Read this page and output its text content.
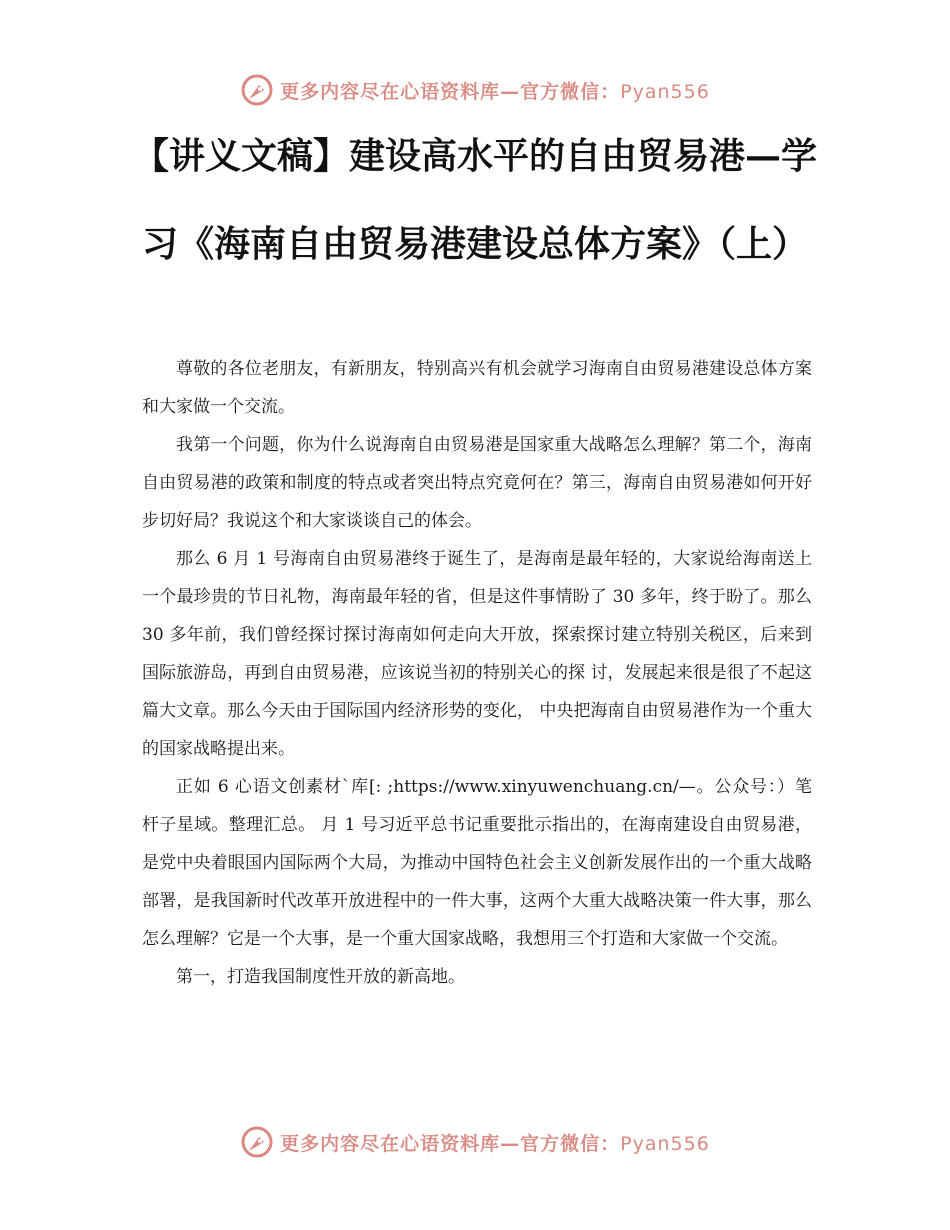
更多内容尽在心语资料库—官方微信：Pyan556
【讲义文稿】建设高水平的自由贸易港—学
习《海南自由贸易港建设总体方案》（上）

尊敬的各位老朋友，有新朋友，特别高兴有机会就学习海南自由贸易港建设总体方案和大家做一个交流。

我第一个问题，你为什么说海南自由贸易港是国家重大战略怎么理解？第二个，海南自由贸易港的政策和制度的特点或者突出特点究竟何在？第三，海南自由贸易港如何开好步切好局？我说这个和大家谈谈自己的体会。

那么 6 月 1 号海南自由贸易港终于诞生了，是海南是最年轻的，大家说给海南送上一个最珍贵的节日礼物，海南最年轻的省，但是这件事情盼了 30 多年，终于盼了。那么 30 多年前，我们曾经探讨探讨海南如何走向大开放，探索探讨建立特别关税区，后来到国际旅游岛，再到自由贸易港，应该说当初的特别关心的探 讨，发展起来很是很了不起这篇大文章。那么今天由于国际国内经济形势的变化， 中央把海南自由贸易港作为一个重大的国家战略提出来。

正如 6 心语文创素材`库[: ;https://www.xinyuwenchuang.cn/—。公众号：）笔杆子星域。整理汇总。 月 1 号习近平总书记重要批示指出的，在海南建设自由贸易港，是党中央着眼国内国际两个大局，为推动中国特色社会主义创新发展作出的一个重大战略部署，是我国新时代改革开放进程中的一件大事，这两个大重大战略决策一件大事，那么怎么理解？它是一个大事，是一个重大国家战略，我想用三个打造和大家做一个交流。

第一，打造我国制度性开放的新高地。

更多内容尽在心语资料库—官方微信：Pyan556
